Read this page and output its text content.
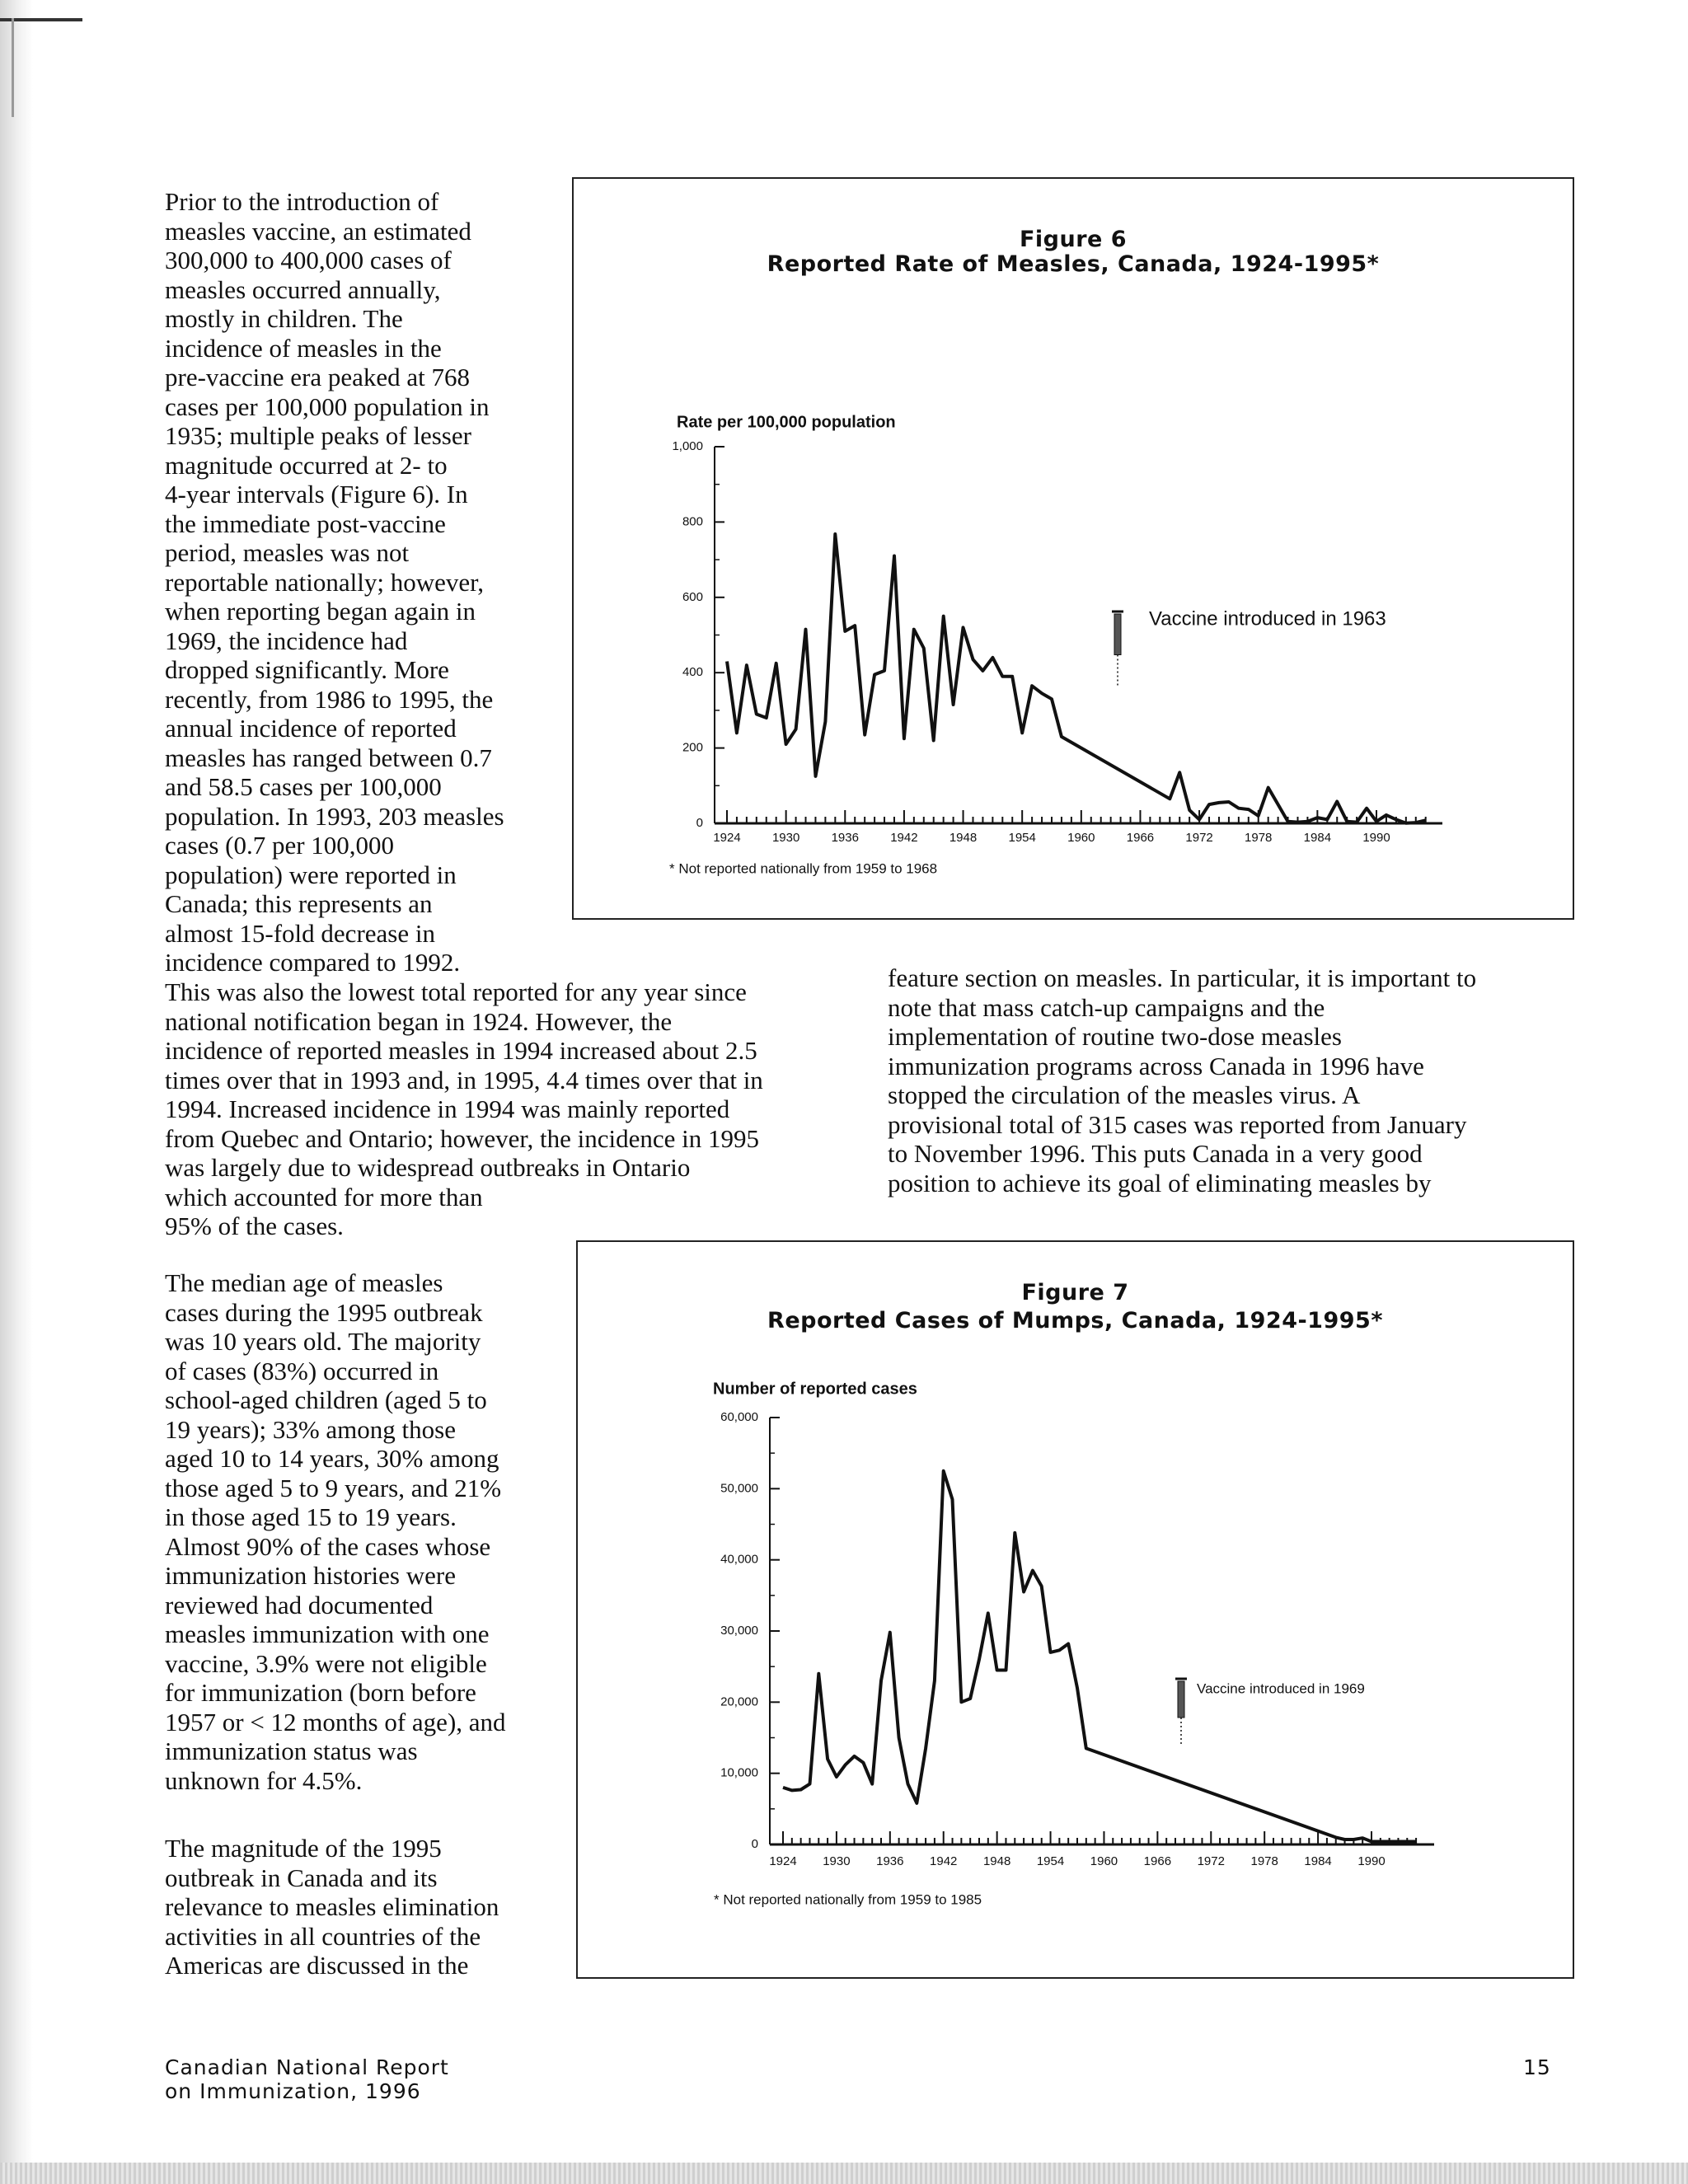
Prior to the introduction of
measles vaccine, an estimated
300,000 to 400,000 cases of
measles occurred annually,
mostly in children. The
incidence of measles in the
pre-vaccine era peaked at 768
cases per 100,000 population in
1935; multiple peaks of lesser
magnitude occurred at 2- to
4-year intervals (Figure 6). In
the immediate post-vaccine
period, measles was not
reportable nationally; however,
when reporting began again in
1969, the incidence had
dropped significantly. More
recently, from 1986 to 1995, the
annual incidence of reported
measles has ranged between 0.7
and 58.5 cases per 100,000
population. In 1993, 203 measles
cases (0.7 per 100,000
population) were reported in
Canada; this represents an
almost 15-fold decrease in
incidence compared to 1992.
This was also the lowest total reported for any year since
national notification began in 1924. However, the
incidence of reported measles in 1994 increased about 2.5
times over that in 1993 and, in 1995, 4.4 times over that in
1994. Increased incidence in 1994 was mainly reported
from Quebec and Ontario; however, the incidence in 1995
was largely due to widespread outbreaks in Ontario
which accounted for more than
95% of the cases.
The median age of measles
cases during the 1995 outbreak
was 10 years old. The majority
of cases (83%) occurred in
school-aged children (aged 5 to
19 years); 33% among those
aged 10 to 14 years, 30% among
those aged 5 to 9 years, and 21%
in those aged 15 to 19 years.
Almost 90% of the cases whose
immunization histories were
reviewed had documented
measles immunization with one
vaccine, 3.9% were not eligible
for immunization (born before
1957 or < 12 months of age), and
immunization status was
unknown for 4.5%.
The magnitude of the 1995
outbreak in Canada and its
relevance to measles elimination
activities in all countries of the
Americas are discussed in the
feature section on measles. In particular, it is important to
note that mass catch-up campaigns and the
implementation of routine two-dose measles
immunization programs across Canada in 1996 have
stopped the circulation of the measles virus. A
provisional total of 315 cases was reported from January
to November 1996. This puts Canada in a very good
position to achieve its goal of eliminating measles by
Figure 6
Reported Rate of Measles, Canada, 1924-1995*
Figure 7
Reported Cases of Mumps, Canada, 1924-1995*
0
200
400
600
800
1,000
1924	1930	1936	1942	1948	1954	1960	1966	1972	1978	1984	1990
Rate per 100,000 population
* Not reported nationally from 1959 to 1968
Vaccine introduced in 1963
0
10,000
20,000
30,000
40,000
50,000
60,000
1924 1930 1936 1942 1948 1954 1960 1966 1972 1978 1984 1990
Number of reported cases
* Not reported nationally from 1959 to 1985
Vaccine introduced in 1969
Canadian National Report
on Immunization, 1996
15
